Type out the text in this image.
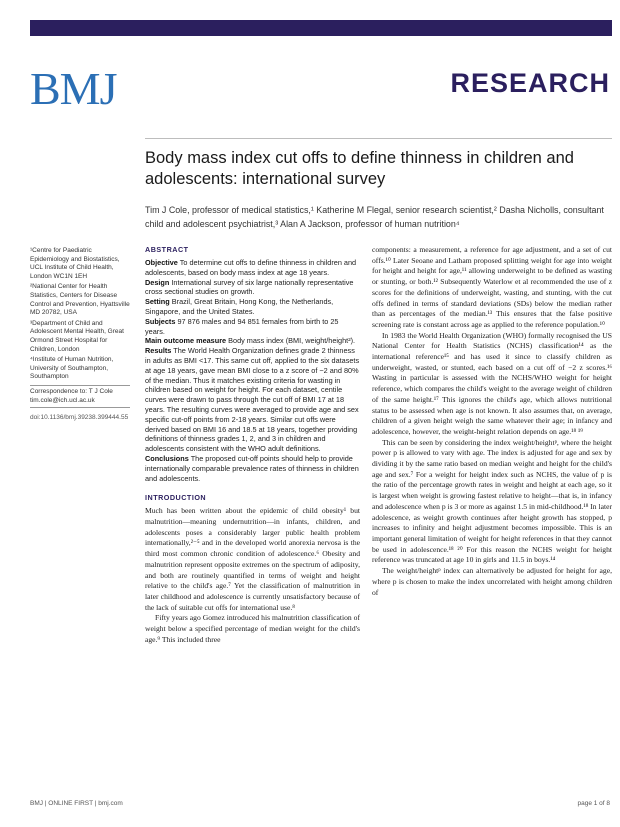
BMJ	RESEARCH
Body mass index cut offs to define thinness in children and adolescents: international survey

Tim J Cole, professor of medical statistics,¹ Katherine M Flegal, senior research scientist,² Dasha Nicholls, consultant child and adolescent psychiatrist,³ Alan A Jackson, professor of human nutrition⁴

¹Centre for Paediatric Epidemiology and Biostatistics, UCL Institute of Child Health, London WC1N 1EH

²National Center for Health Statistics, Centers for Disease Control and Prevention, Hyattsville MD 20782, USA

³Department of Child and Adolescent Mental Health, Great Ormond Street Hospital for Children, London

⁴Institute of Human Nutrition, University of Southampton, Southampton

Correspondence to: T J Cole tim.cole@ich.ucl.ac.uk

doi:10.1136/bmj.39238.399444.55

ABSTRACT

Objective To determine cut offs to define thinness in children and adolescents, based on body mass index at age 18 years.

Design International survey of six large nationally representative cross sectional studies on growth.

Setting Brazil, Great Britain, Hong Kong, the Netherlands, Singapore, and the United States.

Subjects 97 876 males and 94 851 females from birth to 25 years.

Main outcome measure Body mass index (BMI, weight/height²).

Results The World Health Organization defines grade 2 thinness in adults as BMI <17. This same cut off, applied to the six datasets at age 18 years, gave mean BMI close to a z score of −2 and 80% of the median. Thus it matches existing criteria for wasting in children based on weight for height. For each dataset, centile curves were drawn to pass through the cut off of BMI 17 at 18 years. The resulting curves were averaged to provide age and sex specific cut-off points from 2-18 years. Similar cut offs were derived based on BMI 16 and 18.5 at 18 years, together providing definitions of thinness grades 1, 2, and 3 in children and adolescents consistent with the WHO adult definitions.

Conclusions The proposed cut-off points should help to provide internationally comparable prevalence rates of thinness in children and adolescents.

INTRODUCTION

Much has been written about the epidemic of child obesity¹ but malnutrition—meaning undernutrition—in infants, children, and adolescents poses a considerably larger public health problem internationally,²⁻⁵ and in the developed world anorexia nervosa is the third most common chronic condition of adolescence.⁶ Obesity and malnutrition represent opposite extremes on the spectrum of adiposity, and both are routinely quantified in terms of weight and height relative to the child's age.⁷ Yet the classification of malnutrition in later childhood and adolescence is currently unsatisfactory because of the lack of suitable cut offs for international use.⁸

Fifty years ago Gomez introduced his malnutrition classification of weight below a specified percentage of median weight for the child's age.⁹ This included three

components: a measurement, a reference for age adjustment, and a set of cut offs.¹⁰ Later Seoane and Latham proposed splitting weight for age into weight for height and height for age,¹¹ allowing underweight to be defined as wasting or stunting, or both.¹² Subsequently Waterlow et al recommended the use of z scores for the definitions of underweight, wasting, and stunting, with the cut offs defined in terms of standard deviations (SDs) below the median rather than as percentages of the median.¹³ This ensures that the false positive screening rate is constant across age as applied to the reference population.¹⁰

In 1983 the World Health Organization (WHO) formally recognised the US National Center for Health Statistics (NCHS) classification¹⁴ as the international reference¹⁵ and has used it since to classify children as underweight, wasted, or stunted, each based on a cut off of −2 z scores.¹⁶ Wasting in particular is assessed with the NCHS/WHO weight for height reference, which compares the child's weight to the average weight of children of the same height.¹⁷ This ignores the child's age, which allows nutritional status to be assessed when age is not known. It also assumes that, on average, children of a given height weigh the same whatever their age; in infancy and adolescence, however, the weight-height relation depends on age.¹⁸ ¹⁹

This can be seen by considering the index weight/heightᵖ, where the height power p is allowed to vary with age. The index is adjusted for age and sex by dividing it by the same ratio based on median weight and height for the child's age and sex.⁷ For a weight for height index such as NCHS, the value of p is the ratio of the percentage growth rates in weight and height at each age, so it is largest when weight is growing fastest relative to height—that is, in infancy and adolescence when p is 3 or more as against 1.5 in mid-childhood.¹⁸ In later adolescence, as weight growth continues after height growth has stopped, p increases to infinity and height adjustment becomes impossible. This is an important general limitation of weight for height references in that they cannot be used in adolescence.¹⁸ ²⁰ For this reason the NCHS weight for height reference was truncated at age 10 in girls and 11.5 in boys.¹⁴

The weight/heightᵖ index can alternatively be adjusted for height for age, where p is chosen to make the index uncorrelated with height among children of

BMJ | ONLINE FIRST | bmj.com	page 1 of 8
